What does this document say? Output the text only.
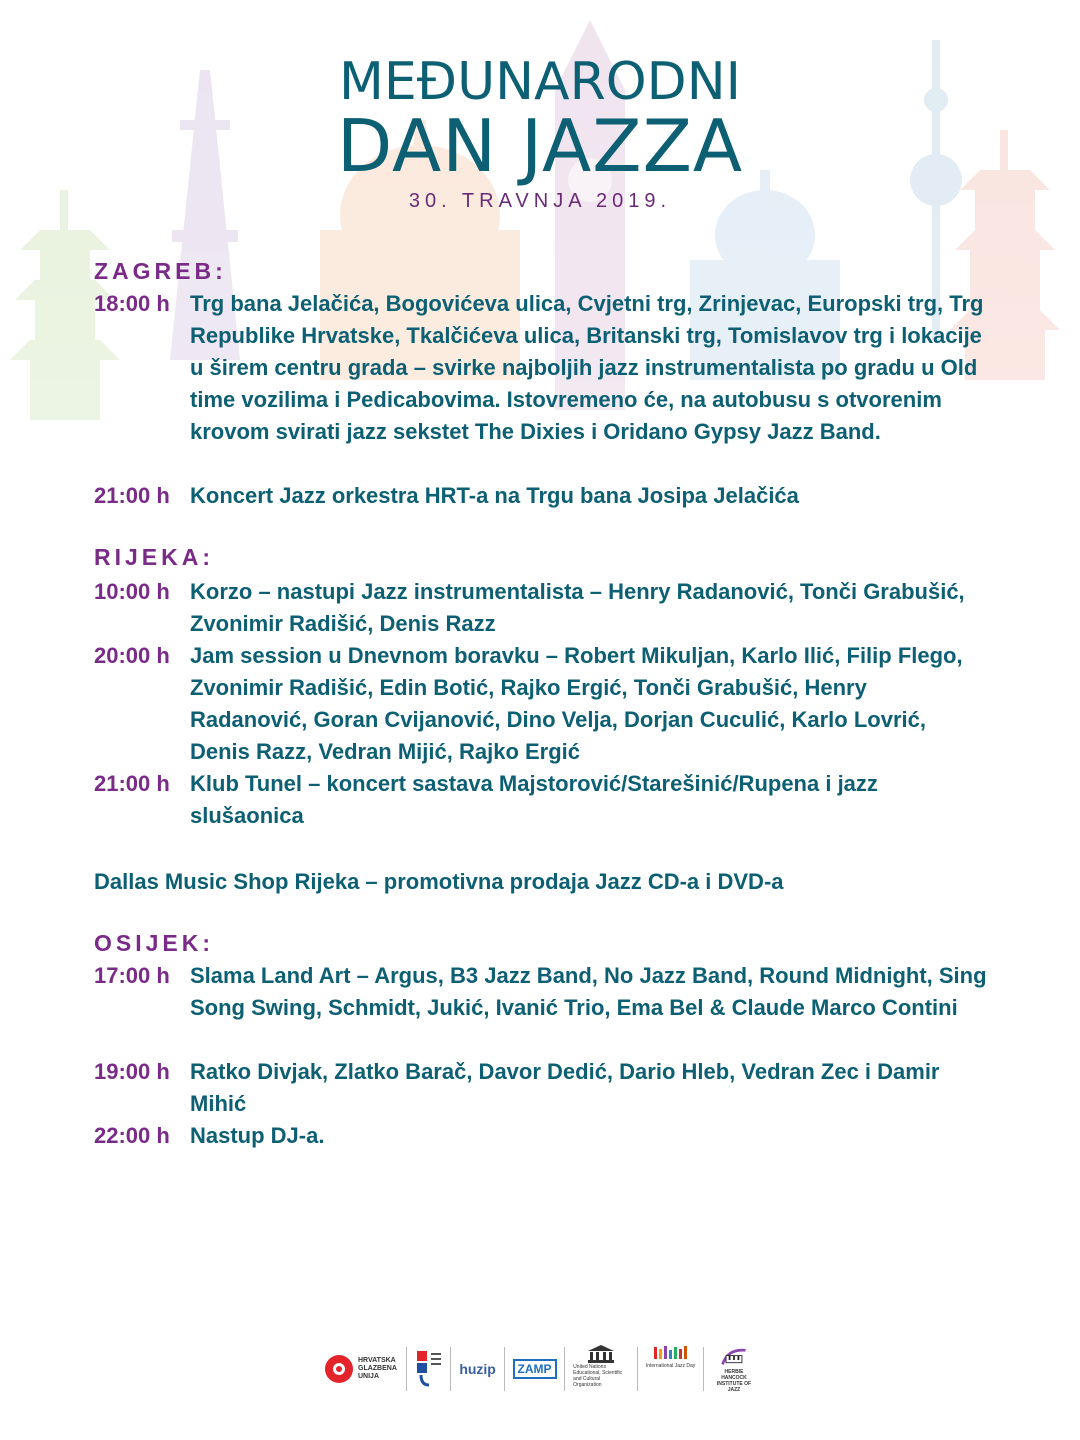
MEĐUNARODNI
DAN JAZZA
30. TRAVNJA 2019.
ZAGREB:
18:00 h Trg bana Jelačića, Bogovićeva ulica, Cvjetni trg, Zrinjevac, Europski trg, Trg Republike Hrvatske, Tkalčićeva ulica, Britanski trg, Tomislavov trg i lokacije u širem centru grada – svirke najboljih jazz instrumentalista po gradu u Old time vozilima i Pedicabovima. Istovremeno će, na autobusu s otvorenim krovom svirati jazz sekstet The Dixies i Oridano Gypsy Jazz Band.
21:00 h Koncert Jazz orkestra HRT-a na Trgu bana Josipa Jelačića
RIJEKA:
10:00 h Korzo – nastupi Jazz instrumentalista – Henry Radanović, Tonči Grabušić, Zvonimir Radišić, Denis Razz
20:00 h Jam session u Dnevnom boravku – Robert Mikuljan, Karlo Ilić, Filip Flego, Zvonimir Radišić, Edin Botić, Rajko Ergić, Tonči Grabušić, Henry Radanović, Goran Cvijanović, Dino Velja, Dorjan Cuculić, Karlo Lovrić, Denis Razz, Vedran Mijić, Rajko Ergić
21:00 h Klub Tunel – koncert sastava Majstorović/Starešinić/Rupena i jazz slušaonica
Dallas Music Shop Rijeka – promotivna prodaja Jazz CD-a i DVD-a
OSIJEK:
17:00 h Slama Land Art – Argus, B3 Jazz Band, No Jazz Band, Round Midnight, Sing Song Swing, Schmidt, Jukić, Ivanić Trio, Ema Bel & Claude Marco Contini
19:00 h Ratko Divjak, Zlatko Barač, Davor Dedić, Dario Hleb, Vedran Zec i Damir Mihić
22:00 h Nastup DJ-a.
HRVATSKA GLAZBENA UNIJA	huzip	ZAMP	United Nations Educational, Scientific and Cultural Organization
International Jazz Day
HERBIE HANCOCK INSTITUTE OF JAZZ
